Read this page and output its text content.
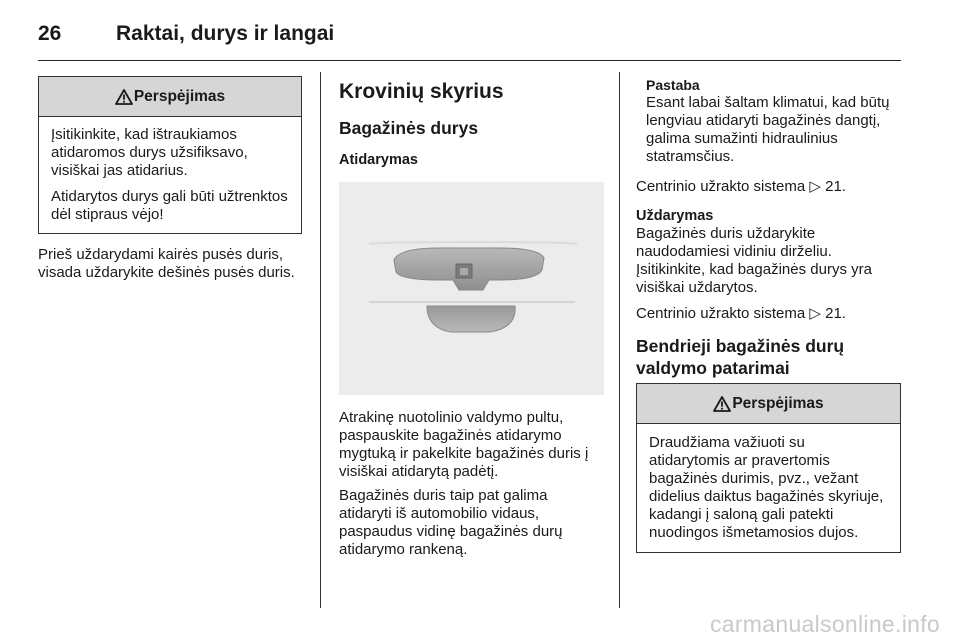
26	Raktai, durys ir langai
Perspėjimas

Įsitikinkite, kad ištraukiamos atidaromos durys užsifiksavo, visiškai jas atidarius.

Atidarytos durys gali būti užtrenktos dėl stipraus vėjo!

Prieš uždarydami kairės pusės duris, visada uždarykite dešinės pusės duris.

Krovinių skyrius
Bagažinės durys
Atidarymas

Atrakinę nuotolinio valdymo pultu, paspauskite bagažinės atidarymo mygtuką ir pakelkite bagažinės duris į visiškai atidarytą padėtį.

Bagažinės duris taip pat galima atidaryti iš automobilio vidaus, paspaudus vidinę bagažinės durų atidarymo rankeną.

Pastaba

Esant labai šaltam klimatui, kad būtų lengviau atidaryti bagažinės dangtį, galima sumažinti hidraulinius statramsčius.

Centrinio užrakto sistema ▷ 21.

Uždarymas

Bagažinės duris uždarykite naudodamiesi vidiniu dirželiu.

Įsitikinkite, kad bagažinės durys yra visiškai uždarytos.

Centrinio užrakto sistema ▷ 21.

Bendrieji bagažinės durų valdymo patarimai
Perspėjimas

Draudžiama važiuoti su atidarytomis ar pravertomis bagažinės durimis, pvz., vežant didelius daiktus bagažinės skyriuje, kadangi į saloną gali patekti nuodingos išmetamosios dujos.

carmanualsonline.info
